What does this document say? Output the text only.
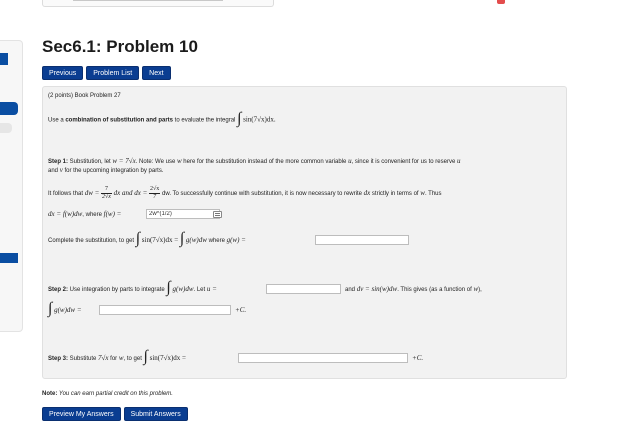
Sec6.1: Problem 10
Previous	Problem List	Next
(2 points) Book Problem 27
Use a combination of substitution and parts to evaluate the integral ∫ sin(7√x)dx.
Step 1: Substitution, let w = 7√x. Note: We use w here for the substitution instead of the more common variable u, since it is convenient for us to reserve u
and v for the upcoming integration by parts.
It follows that dw = $\frac{7}{2√x}$ dx and dx = $\frac{2√x}{7}$ dw. To successfully continue with substitution, it is now necessary to rewrite dx strictly in terms of w. Thus
dx = f(w)dw, where f(w) =
2w^(1/2)
Complete the substitution, to get ∫ sin(7√x)dx = ∫ g(w)dw where g(w) =
Step 2: Use integration by parts to integrate ∫ g(w)dw. Let u =	and dv = sin(w)dw. This gives (as a function of w),
∫ g(w)dw =	+C.
Step 3: Substitute 7√x for w, to get ∫ sin(7√x)dx =	+C.
Note: You can earn partial credit on this problem.
Preview My Answers	Submit Answers
